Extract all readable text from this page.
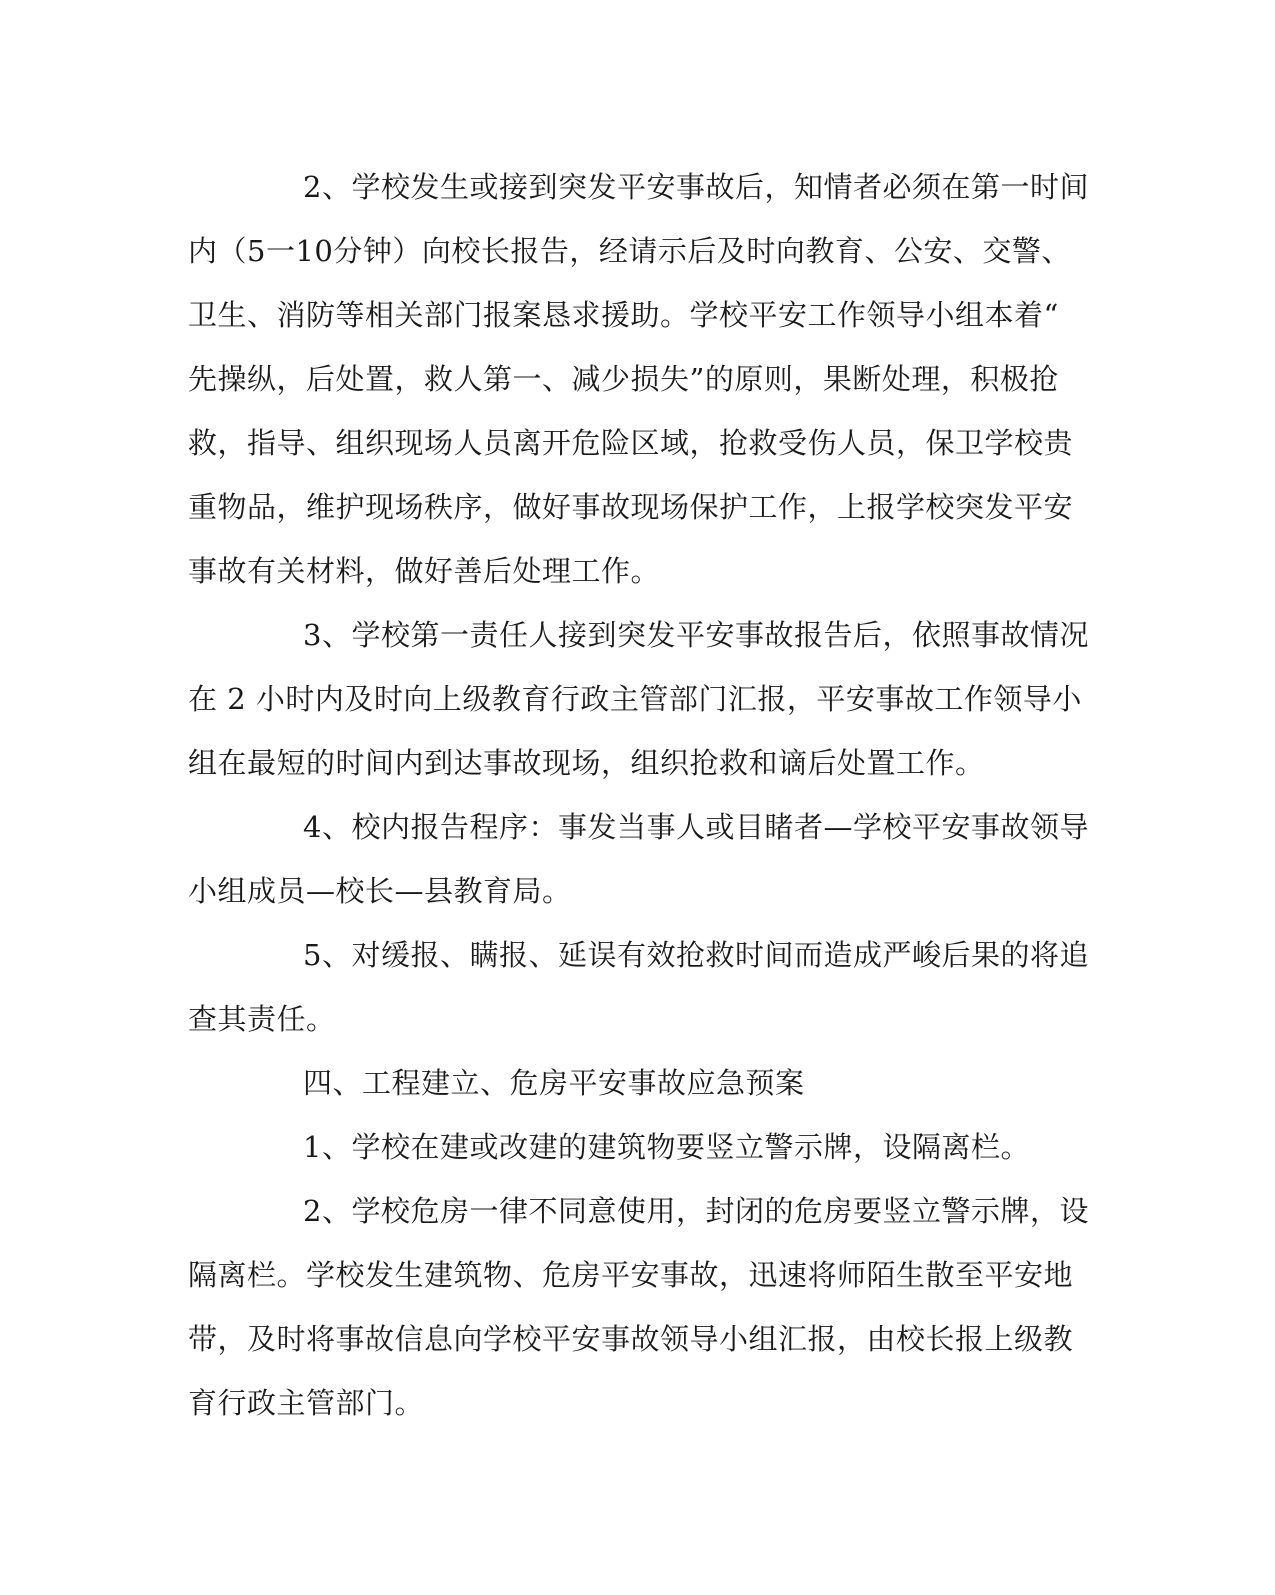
2、学校发生或接到突发平安事故后，知情者必须在第一时间
内（5一10分钟）向校长报告，经请示后及时向教育、公安、交警、
卫生、消防等相关部门报案恳求援助。学校平安工作领导小组本着“
先操纵，后处置，救人第一、减少损失”的原则，果断处理，积极抢
救，指导、组织现场人员离开危险区域，抢救受伤人员，保卫学校贵
重物品，维护现场秩序，做好事故现场保护工作，上报学校突发平安
事故有关材料，做好善后处理工作。
3、学校第一责任人接到突发平安事故报告后，依照事故情况
在 2 小时内及时向上级教育行政主管部门汇报，平安事故工作领导小
组在最短的时间内到达事故现场，组织抢救和谪后处置工作。
4、校内报告程序：事发当事人或目睹者—学校平安事故领导
小组成员—校长—县教育局。
5、对缓报、瞒报、延误有效抢救时间而造成严峻后果的将追
查其责任。
四、工程建立、危房平安事故应急预案
1、学校在建或改建的建筑物要竖立警示牌，设隔离栏。
2、学校危房一律不同意使用，封闭的危房要竖立警示牌，设
隔离栏。学校发生建筑物、危房平安事故，迅速将师陌生散至平安地
带，及时将事故信息向学校平安事故领导小组汇报，由校长报上级教
育行政主管部门。
